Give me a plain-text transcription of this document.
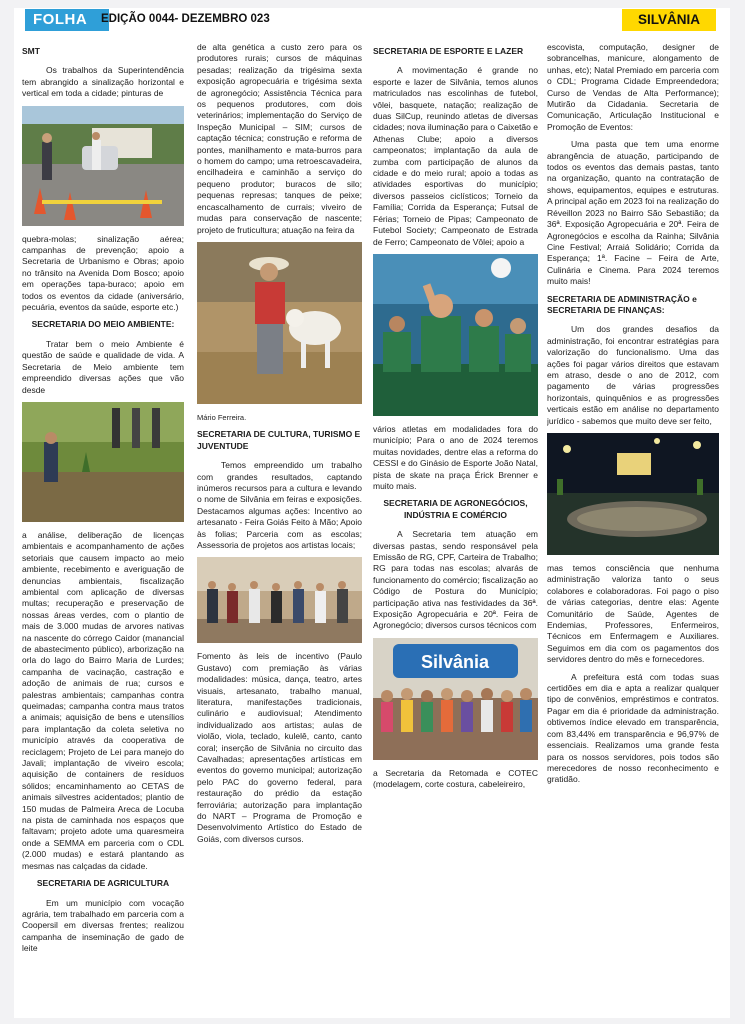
FOLHA	EDIÇÃO 0044- DEZEMBRO 023	SILVÂNIA
SMT

Os trabalhos da Superintendência tem abrangido a sinalização horizontal e vertical em toda a cidade; pinturas de

quebra-molas; sinalização aérea; campanhas de prevenção; apoio a Secretaria de Urbanismo e Obras; apoio no trânsito na Avenida Dom Bosco; apoio em operações tapa-buraco; apoio em todos os eventos da cidade (aniversário, pecuária, eventos da saúde, esporte etc.)

SECRETARIA DO MEIO AMBIENTE:

Tratar bem o meio Ambiente é questão de saúde e qualidade de vida. A Secretaria de Meio ambiente tem empreendido diversas ações que vão desde

a análise, deliberação de licenças ambientais e acompanhamento de ações setoriais que causem impacto ao meio ambiente, recebimento e averiguação de denuncias ambientais, fiscalização ambiental com aplicação de diversas multas; recuperação e preservação de nossas áreas verdes, com o plantio de mais de 3.000 mudas de arvores nativas na nascente do córrego Caidor (manancial de abastecimento público), arborização na orla do lago do Bairro Maria de Lurdes; campanha de vacinação, castração e adoção de animais de rua; cursos e palestras ambientais; campanhas contra queimadas; campanha contra maus tratos a animais; aquisição de bens e utensílios para implantação da coleta seletiva no município através da cooperativa de reciclagem; Projeto de Lei para manejo do Javali; implantação de viveiro escola; aquisição de containers de resíduos sólidos; encaminhamento ao CETAS de animais silvestres acidentados; plantio de 150 mudas de Palmeira Areca de Locuba na pista de caminhada nos espaços que faltavam; projeto adote uma quaresmeira onde a SEMMA em parceria com o CDL (2.000 mudas) e estará plantando as mesmas nas calçadas da cidade.

SECRETARIA DE AGRICULTURA

Em um município com vocação agrária, tem trabalhado em parceria com a Coopersil em diversas frentes; realizou campanha de inseminação de gado de leite

de alta genética a custo zero para os produtores rurais; cursos de máquinas pesadas; realização da trigésima sexta exposição agropecuária e trigésima sexta de agronegócio; Assistência Técnica para os pequenos produtores, com dois veterinários; implementação do Serviço de Inspeção Municipal – SIM; cursos de captação técnica; construção e reforma de pontes, manilhamento e mata-burros para o homem do campo; uma retroescavadeira, encilhadeira e caminhão a serviço do pequeno produtor; buracos de silo; pequenas represas; tanques de peixe; encascalhamento de currais; viveiro de mudas para conservação de nascente; projeto de fruticultura; atuação na feira da

Mário Ferreira.

SECRETARIA DE CULTURA, TURISMO E JUVENTUDE

Temos empreendido um trabalho com grandes resultados, captando inúmeros recursos para a cultura e levando o nome de Silvânia em feiras e exposições. Destacamos algumas ações: Incentivo ao artesanato - Feira Goiás Feito à Mão; Apoio às folias; Parceria com as escolas; Assessoria de projetos aos artistas locais;

Fomento às leis de incentivo (Paulo Gustavo) com premiação às várias modalidades: música, dança, teatro, artes visuais, artesanato, trabalho manual, literatura, manifestações tradicionais, culinário e audiovisual; Atendimento individualizado aos artistas; aulas de violão, viola, teclado, kulelê, canto, canto coral; inserção de Silvânia no circuito das Cavalhadas; apresentações artísticas em eventos do governo municipal; autorização pelo PAC do governo federal, para restauração do prédio da estação ferroviária; autorização para implantação do NART – Programa de Promoção e Desenvolvimento Artístico do Estado de Goiás, com diversos cursos.

SECRETARIA DE ESPORTE E LAZER

A movimentação é grande no esporte e lazer de Silvânia, temos alunos matriculados nas escolinhas de futebol, vôlei, basquete, natação; realização de duas SilCup, reunindo atletas de diversas cidades; nova iluminação para o Caixetão e Athenas Clube; apoio a diversos campeonatos; implantação da aula de zumba com participação de alunos da cidade e do meio rural; apoio a todas as atividades esportivas do município; diversos passeios ciclísticos; Torneio da Família; Corrida da Esperança; Futsal de Férias; Torneio de Pipas; Campeonato de Futebol Society; Campeonato de Estrada de Ferro; Campeonato de Vôlei; apoio a

vários atletas em modalidades fora do município; Para o ano de 2024 teremos muitas novidades, dentre elas a reforma do CESSI e do Ginásio de Esporte João Natal, pista de skate na praça Érick Brenner e muito mais.

SECRETARIA DE AGRONEGÓCIOS, INDÚSTRIA E COMÉRCIO

A Secretaria tem atuação em diversas pastas, sendo responsável pela Emissão de RG, CPF, Carteira de Trabalho; RG para todas nas escolas; alvarás de funcionamento do comércio; fiscalização ao Código de Postura do Município; participação ativa nas festividades da 36ª. Exposição Agropecuária e 20ª. Feira de Agronegócio; diversos cursos técnicos com

Silvânia

a Secretaria da Retomada e COTEC (modelagem, corte costura, cabeleireiro,

escovista, computação, designer de sobrancelhas, manicure, alongamento de unhas, etc); Natal Premiado em parceria com o CDL; Programa Cidade Empreendedora; Curso de Vendas de Alta Performance); Mutirão da Cidadania. Secretaria de Comunicação, Articulação Institucional e Promoção de Eventos:

Uma pasta que tem uma enorme abrangência de atuação, participando de todos os eventos das demais pastas, tanto na organização, quanto na contratação de shows, equipamentos, equipes e estruturas. A principal ação em 2023 foi na realização do Réveillon 2023 no Bairro São Sebastião; da 36ª. Exposição Agropecuária e 20ª. Feira de Agronegócios e escolha da Rainha; Silvânia Cine Festival; Arraiá Solidário; Corrida da Esperança; 1ª. Facine – Feira de Arte, Culinária e Cinema. Para 2024 teremos muito mais!

SECRETARIA DE ADMINISTRAÇÃO e SECRETARIA DE FINANÇAS:

Um dos grandes desafios da administração, foi encontrar estratégias para valorização do funcionalismo. Uma das ações foi pagar vários direitos que estavam em atraso, desde o ano de 2012, com pagamento de várias progressões horizontais, quinquênios e as progressões verticais estão em análise no departamento jurídico - sabemos que muito deve ser feito,

mas temos consciência que nenhuma administração valoriza tanto o seus colabores e colaboradoras. Foi pago o piso de várias categorias, dentre elas: Agente Comunitário de Saúde, Agentes de Endemias, Professores, Enfermeiros, Técnicos em Enfermagem e Auxiliares. Seguimos em dia com os pagamentos dos servidores dentro do mês e fornecedores.

A prefeitura está com todas suas certidões em dia e apta a realizar qualquer tipo de convênios, empréstimos e contratos. Pagar em dia é prioridade da administração. obtivemos índice elevado em transparência, com 83,44% em transparência e 96,97% de essenciais. Realizamos uma grande festa para os nossos servidores, pois todos são merecedores de nosso reconhecimento e gratidão.
